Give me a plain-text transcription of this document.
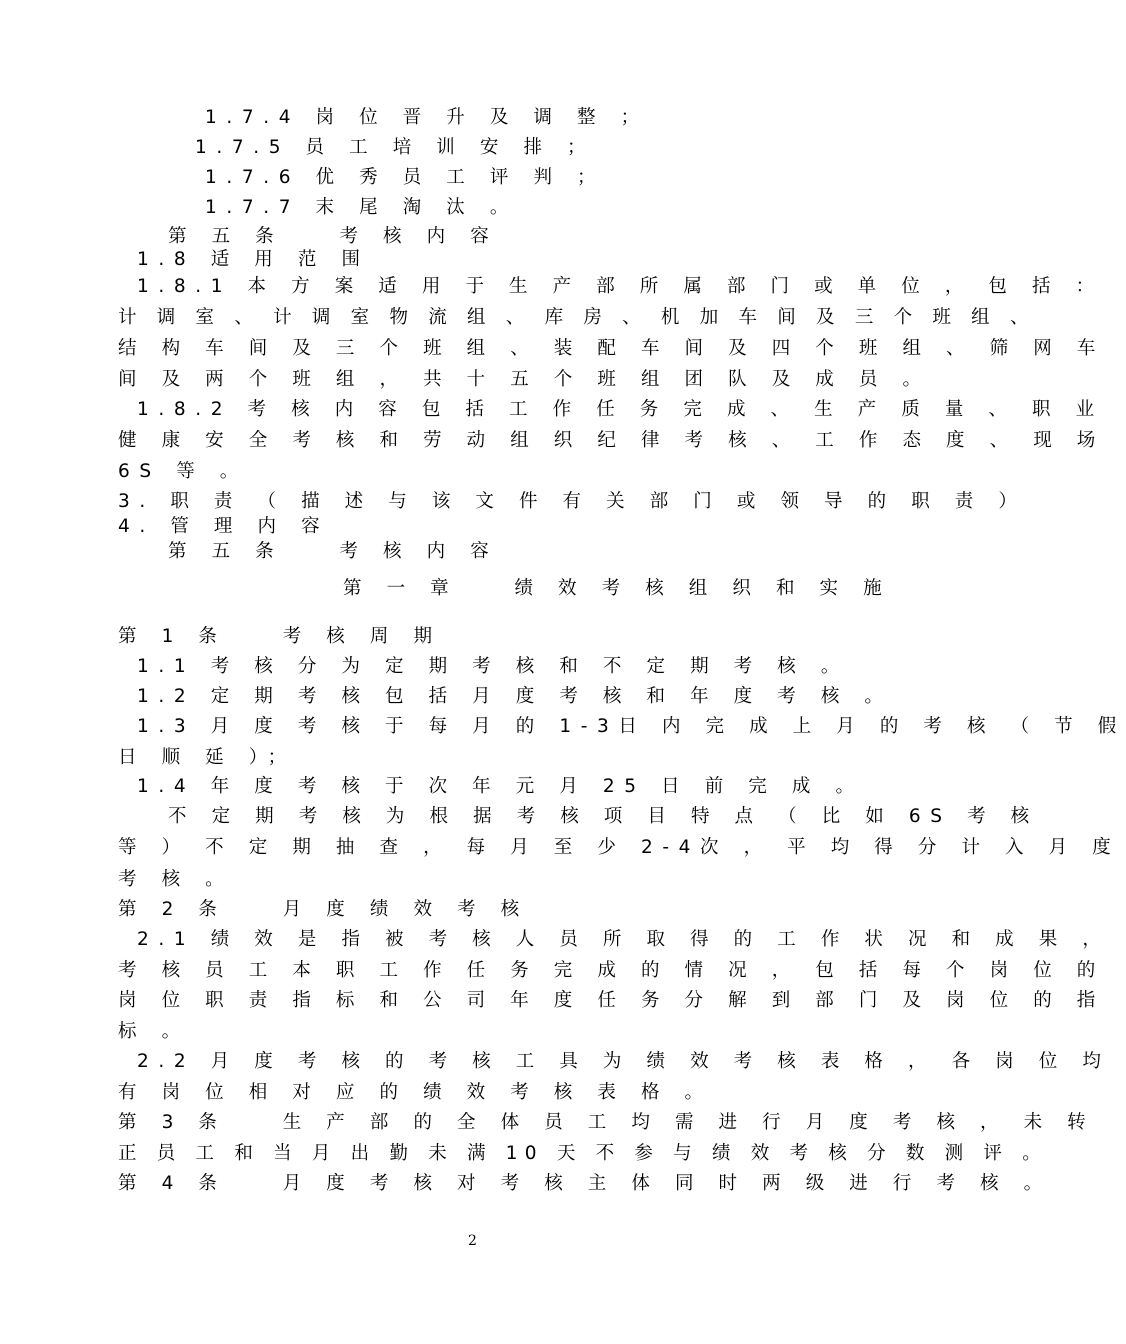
1.7.4 岗 位 晋 升 及 调 整 ；
1.7.5 员 工 培 训 安 排 ；
1.7.6 优 秀 员 工 评 判 ；
1.7.7 末 尾 淘 汰 。
第 五 条　　考 核 内 容
1.8 适 用 范 围
1.8.1 本 方 案 适 用 于 生 产 部 所 属 部 门 或 单 位 ， 包 括 ：
计 调 室 、 计 调 室 物 流 组 、 库 房 、 机 加 车 间 及 三 个 班 组 、
结 构 车 间 及 三 个 班 组 、 装 配 车 间 及 四 个 班 组 、 筛 网 车
间 及 两 个 班 组 ， 共 十 五 个 班 组 团 队 及 成 员 。
1.8.2 考 核 内 容 包 括 工 作 任 务 完 成 、 生 产 质 量 、 职 业
健 康 安 全 考 核 和 劳 动 组 织 纪 律 考 核 、 工 作 态 度 、 现 场
6S 等 。
3. 职 责 （ 描 述 与 该 文 件 有 关 部 门 或 领 导 的 职 责 ）
4. 管 理 内 容
第 五 条　　考 核 内 容
第 一 章　　绩 效 考 核 组 织 和 实 施
第 1 条　　考 核 周 期
1.1 考 核 分 为 定 期 考 核 和 不 定 期 考 核 。
1.2 定 期 考 核 包 括 月 度 考 核 和 年 度 考 核 。
1.3 月 度 考 核 于 每 月 的 1-3日 内 完 成 上 月 的 考 核 （ 节 假
日 顺 延 ）；
1.4 年 度 考 核 于 次 年 元 月 25 日 前 完 成 。
不 定 期 考 核 为 根 据 考 核 项 目 特 点 （ 比 如 6S 考 核
等 ） 不 定 期 抽 查 ， 每 月 至 少 2-4次 ， 平 均 得 分 计 入 月 度
考 核 。
第 2 条　　月 度 绩 效 考 核
2.1 绩 效 是 指 被 考 核 人 员 所 取 得 的 工 作 状 况 和 成 果 ，
考 核 员 工 本 职 工 作 任 务 完 成 的 情 况 ， 包 括 每 个 岗 位 的
岗 位 职 责 指 标 和 公 司 年 度 任 务 分 解 到 部 门 及 岗 位 的 指
标 。
2.2 月 度 考 核 的 考 核 工 具 为 绩 效 考 核 表 格 ， 各 岗 位 均
有 岗 位 相 对 应 的 绩 效 考 核 表 格 。
第 3 条　　生 产 部 的 全 体 员 工 均 需 进 行 月 度 考 核 ， 未 转
正 员 工 和 当 月 出 勤 未 满 10 天 不 参 与 绩 效 考 核 分 数 测 评 。
第 4 条　　月 度 考 核 对 考 核 主 体 同 时 两 级 进 行 考 核 。
2
